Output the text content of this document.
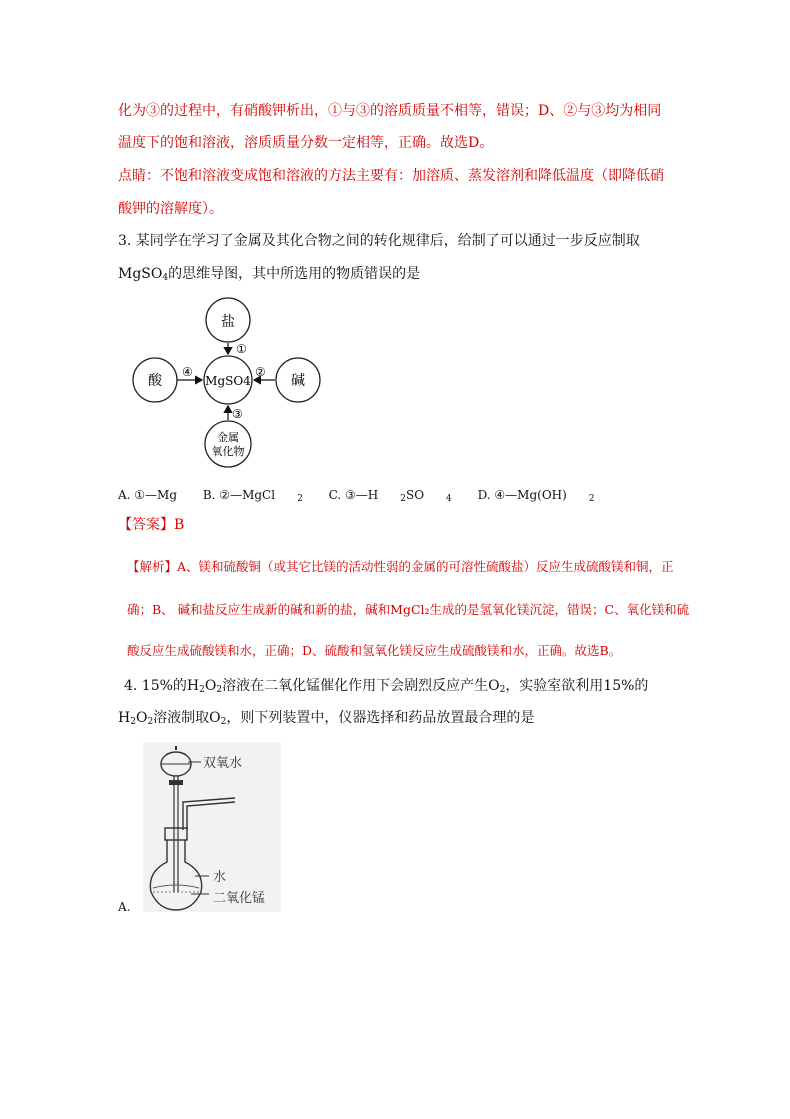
化为③的过程中，有硝酸钾析出，①与③的溶质质量不相等，错误；D、②与③均为相同
温度下的饱和溶液，溶质质量分数一定相等，正确。故选D。
点睛：不饱和溶液变成饱和溶液的方法主要有：加溶质、蒸发溶剂和降低温度（即降低硝
酸钾的溶解度）。
3. 某同学在学习了金属及其化合物之间的转化规律后，给制了可以通过一步反应制取
MgSO$_4$的思维导图，其中所选用的物质错误的是
盐
酸	碱
MgSO4
金属
氧化物
①
②
③
④
A. ①—Mg B. ②—MgCl $_2$ C. ③—H $_2$SO $_4$ D. ④—Mg(OH) $_2$
【答案】B
【解析】A、镁和硫酸铜（或其它比镁的活动性弱的金属的可溶性硫酸盐）反应生成硫酸镁和铜，正
确；B、 碱和盐反应生成新的碱和新的盐，碱和MgCl₂生成的是氢氧化镁沉淀，错误；C、氧化镁和硫
酸反应生成硫酸镁和水，正确；D、硫酸和氢氧化镁反应生成硫酸镁和水，正确。故选B。
4. 15%的$H_2O_2$溶液在二氧化锰催化作用下会剧烈反应产生$O_2$，实验室欲利用15%的
$H_2O_2$溶液制取$O_2$，则下列装置中，仪器选择和药品放置最合理的是
双氧水
水
二氧化锰
A.
